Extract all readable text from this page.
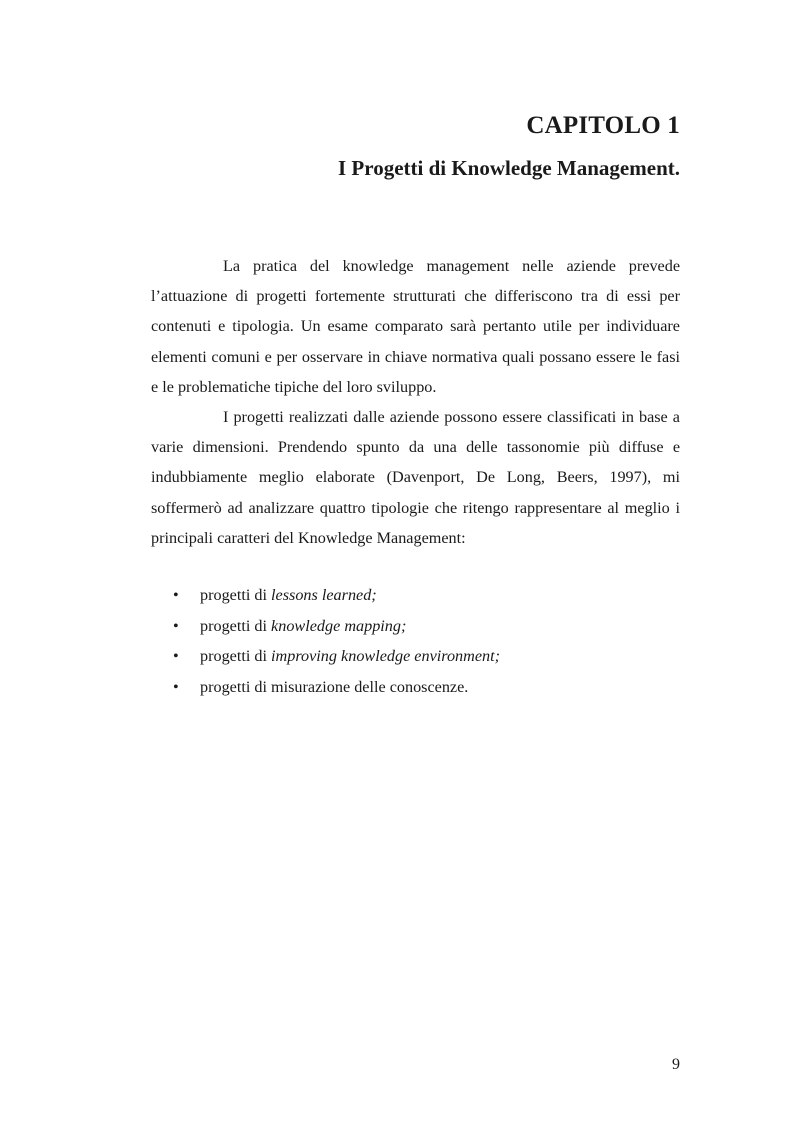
CAPITOLO 1
I Progetti di Knowledge Management.

La pratica del knowledge management nelle aziende prevede l’attuazione di progetti fortemente strutturati che differiscono tra di essi per contenuti e tipologia. Un esame comparato sarà pertanto utile per individuare elementi comuni e per osservare in chiave normativa quali possano essere le fasi e le problematiche tipiche del loro sviluppo.

I progetti realizzati dalle aziende possono essere classificati in base a varie dimensioni. Prendendo spunto da una delle tassonomie più diffuse e indubbiamente meglio elaborate (Davenport, De Long, Beers, 1997), mi soffermerò ad analizzare quattro tipologie che ritengo rappresentare al meglio i principali caratteri del Knowledge Management:

• progetti di lessons learned;
• progetti di knowledge mapping;
• progetti di improving knowledge environment;
• progetti di misurazione delle conoscenze.
9
